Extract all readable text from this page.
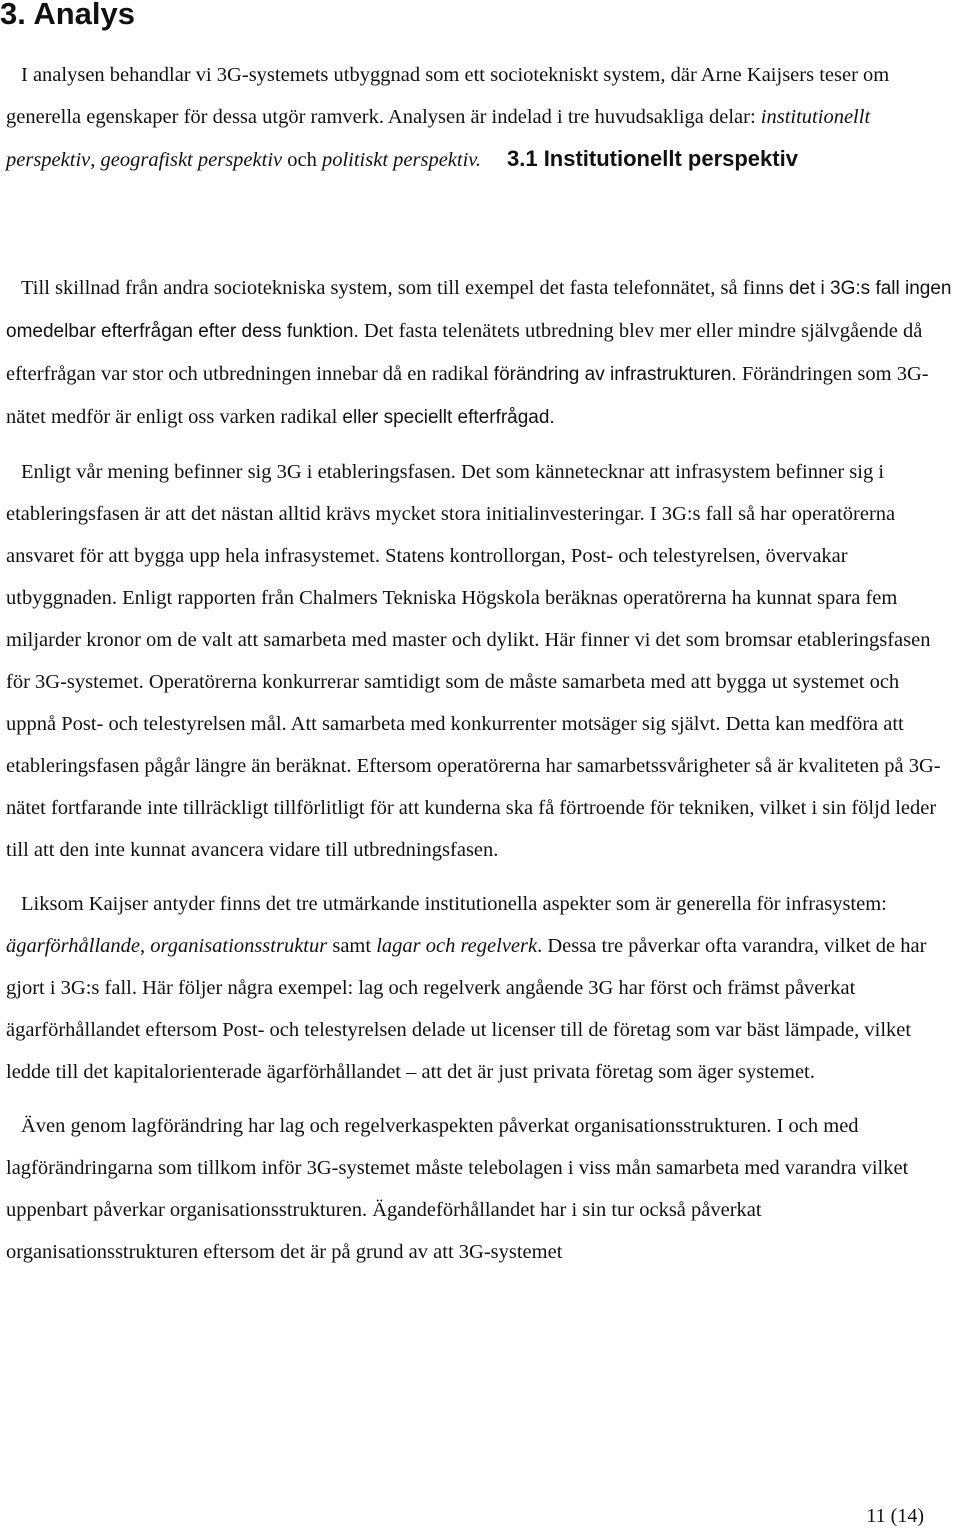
3. Analys

I analysen behandlar vi 3G-systemets utbyggnad som ett sociotekniskt system, där Arne Kaijsers teser om generella egenskaper för dessa utgör ramverk. Analysen är indelad i tre huvudsakliga delar: institutionellt perspektiv, geografiskt perspektiv och politiskt perspektiv. 3.1 Institutionellt perspektiv

Till skillnad från andra sociotekniska system, som till exempel det fasta telefonnätet, så finns det i 3G:s fall ingen omedelbar efterfrågan efter dess funktion. Det fasta telenätets utbredning blev mer eller mindre självgående då efterfrågan var stor och utbredningen innebar då en radikal förändring av infrastrukturen. Förändringen som 3G-nätet medför är enligt oss varken radikal eller speciellt efterfrågad.

Enligt vår mening befinner sig 3G i etableringsfasen. Det som kännetecknar att infrasystem befinner sig i etableringsfasen är att det nästan alltid krävs mycket stora initialinvesteringar. I 3G:s fall så har operatörerna ansvaret för att bygga upp hela infrasystemet. Statens kontrollorgan, Post- och telestyrelsen, övervakar utbyggnaden. Enligt rapporten från Chalmers Tekniska Högskola beräknas operatörerna ha kunnat spara fem miljarder kronor om de valt att samarbeta med master och dylikt. Här finner vi det som bromsar etableringsfasen för 3G-systemet. Operatörerna konkurrerar samtidigt som de måste samarbeta med att bygga ut systemet och uppnå Post- och telestyrelsen mål. Att samarbeta med konkurrenter motsäger sig självt. Detta kan medföra att etableringsfasen pågår längre än beräknat. Eftersom operatörerna har samarbetssvårigheter så är kvaliteten på 3G-nätet fortfarande inte tillräckligt tillförlitligt för att kunderna ska få förtroende för tekniken, vilket i sin följd leder till att den inte kunnat avancera vidare till utbredningsfasen.

Liksom Kaijser antyder finns det tre utmärkande institutionella aspekter som är generella för infrasystem: ägarförhållande, organisationsstruktur samt lagar och regelverk. Dessa tre påverkar ofta varandra, vilket de har gjort i 3G:s fall. Här följer några exempel: lag och regelverk angående 3G har först och främst påverkat ägarförhållandet eftersom Post- och telestyrelsen delade ut licenser till de företag som var bäst lämpade, vilket ledde till det kapitalorienterade ägarförhållandet – att det är just privata företag som äger systemet.

Även genom lagförändring har lag och regelverkaspekten påverkat organisationsstrukturen. I och med lagförändringarna som tillkom inför 3G-systemet måste telebolagen i viss mån samarbeta med varandra vilket uppenbart påverkar organisationsstrukturen. Ägandeförhållandet har i sin tur också påverkat organisationsstrukturen eftersom det är på grund av att 3G-systemet

11 (14)
